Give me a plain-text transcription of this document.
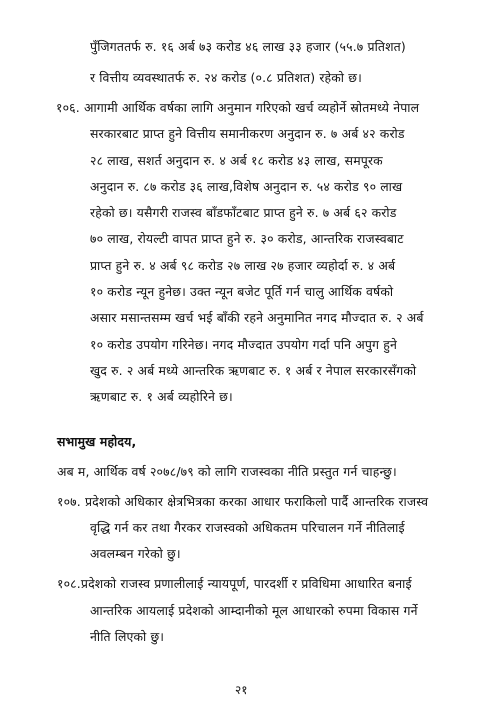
पुँजिगततर्फ रु. १६ अर्ब ७३ करोड ४६ लाख ३३ हजार (५५.७ प्रतिशत)
र वित्तीय व्यवस्थातर्फ रु. २४ करोड (०.८ प्रतिशत) रहेको छ।
१०६. आगामी आर्थिक वर्षका लागि अनुमान गरिएको खर्च व्यहोर्ने स्रोतमध्ये नेपाल
सरकारबाट प्राप्त हुने वित्तीय समानीकरण अनुदान रु. ७ अर्ब ४२ करोड
२८ लाख, सशर्त अनुदान रु. ४ अर्ब १८ करोड ४३ लाख, समपूरक
अनुदान रु. ८७ करोड ३६ लाख,विशेष अनुदान रु. ५४ करोड ९० लाख
रहेको छ। यसैगरी राजस्व बाँडफाँटबाट प्राप्त हुने रु. ७ अर्ब ६२ करोड
७० लाख, रोयल्टी वापत प्राप्त हुने रु. ३० करोड, आन्तरिक राजस्वबाट
प्राप्त हुने रु. ४ अर्ब ९८ करोड २७ लाख २७ हजार व्यहोर्दा रु. ४ अर्ब
१० करोड न्यून हुनेछ। उक्त न्यून बजेट पूर्ति गर्न चालु आर्थिक वर्षको
असार मसान्तसम्म खर्च भई बाँकी रहने अनुमानित नगद मौज्दात रु. २ अर्ब
१० करोड उपयोग गरिनेछ। नगद मौज्दात उपयोग गर्दा पनि अपुग हुने
खुद रु. २ अर्ब मध्ये आन्तरिक ऋणबाट रु. १ अर्ब र नेपाल सरकारसँगको
ऋणबाट रु. १ अर्ब व्यहोरिने छ।
सभामुख महोदय,
अब म, आर्थिक वर्ष २०७८/७९ को लागि राजस्वका नीति प्रस्तुत गर्न चाहन्छु।
१०७. प्रदेशको अधिकार क्षेत्रभित्रका करका आधार फराकिलो पार्दै आन्तरिक राजस्व
वृद्धि गर्न कर तथा गैरकर राजस्वको अधिकतम परिचालन गर्ने नीतिलाई
अवलम्बन गरेको छु।
१०८.प्रदेशको राजस्व प्रणालीलाई न्यायपूर्ण, पारदर्शी र प्रविधिमा आधारित बनाई
आन्तरिक आयलाई प्रदेशको आम्दानीको मूल आधारको रुपमा विकास गर्ने
नीति लिएको छु।
२१
